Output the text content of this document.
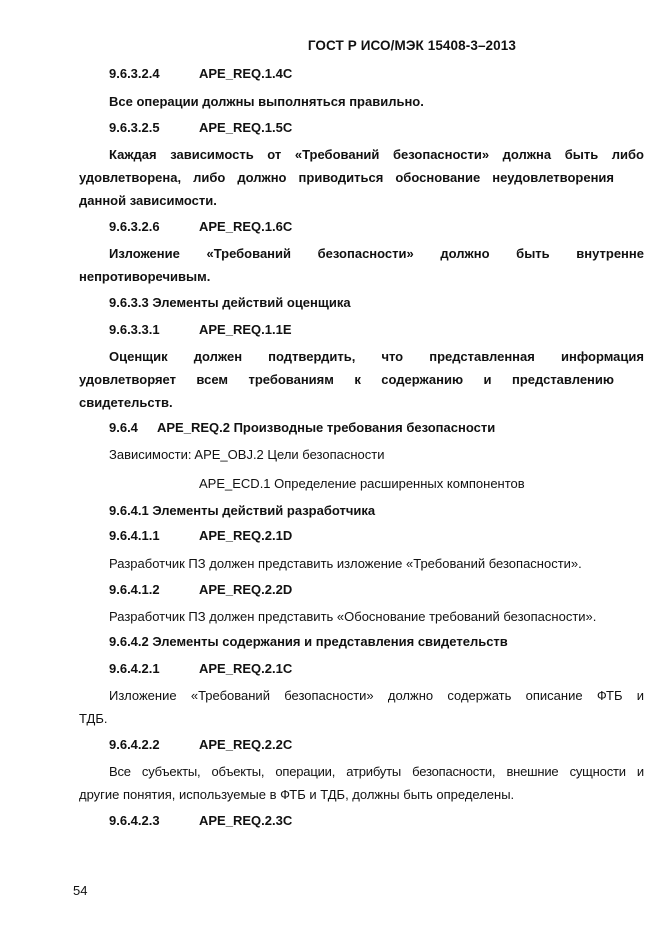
ГОСТ Р ИСО/МЭК 15408-3–2013
9.6.3.2.4	APE_REQ.1.4C
Все операции должны выполняться правильно.
9.6.3.2.5	APE_REQ.1.5C
Каждая зависимость от «Требований безопасности» должна быть либо
удовлетворена, либо должно приводиться обоснование неудовлетворения
данной зависимости.
9.6.3.2.6	APE_REQ.1.6C
Изложение «Требований безопасности» должно быть внутренне
непротиворечивым.
9.6.3.3 Элементы действий оценщика
9.6.3.3.1	APE_REQ.1.1E
Оценщик должен подтвердить, что представленная информация
удовлетворяет всем требованиям к содержанию и представлению
свидетельств.
9.6.4 APE_REQ.2 Производные требования безопасности
Зависимости: APE_OBJ.2 Цели безопасности
APE_ECD.1 Определение расширенных компонентов
9.6.4.1 Элементы действий разработчика
9.6.4.1.1	APE_REQ.2.1D
Разработчик ПЗ должен представить изложение «Требований безопасности».
9.6.4.1.2	APE_REQ.2.2D
Разработчик ПЗ должен представить «Обоснование требований безопасности».
9.6.4.2 Элементы содержания и представления свидетельств
9.6.4.2.1	APE_REQ.2.1C
Изложение «Требований безопасности» должно содержать описание ФТБ и
ТДБ.
9.6.4.2.2	APE_REQ.2.2C
Все субъекты, объекты, операции, атрибуты безопасности, внешние сущности и
другие понятия, используемые в ФТБ и ТДБ, должны быть определены.
9.6.4.2.3	APE_REQ.2.3C
54
